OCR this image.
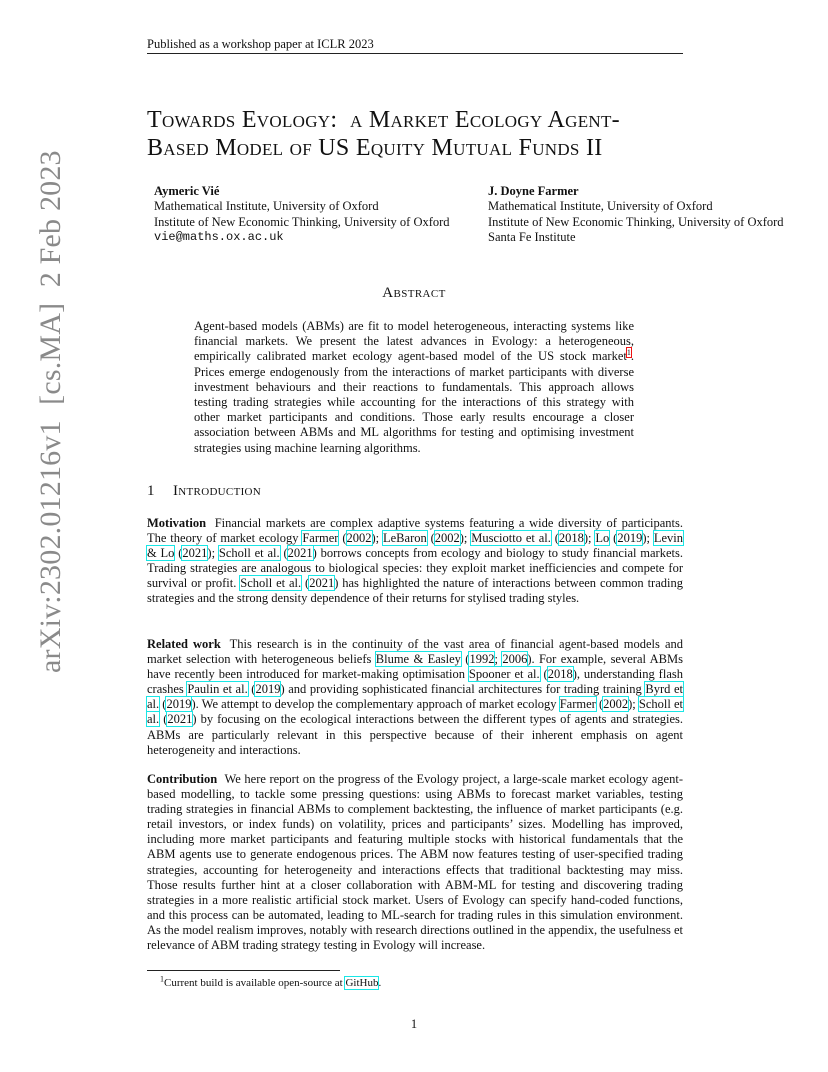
Published as a workshop paper at ICLR 2023
arXiv:2302.01216v1  [cs.MA]  2 Feb 2023
Towards Evology:  a Market Ecology Agent-
Based Model of US Equity Mutual Funds II
Aymeric Vié
Mathematical Institute, University of Oxford
Institute of New Economic Thinking, University of Oxford
vie@maths.ox.ac.uk
J. Doyne Farmer
Mathematical Institute, University of Oxford
Institute of New Economic Thinking, University of Oxford
Santa Fe Institute
Abstract
Agent-based models (ABMs) are fit to model heterogeneous, interacting systems like financial markets. We present the latest advances in Evology: a heterogeneous, empirically calibrated market ecology agent-based model of the US stock market$^1$. Prices emerge endogenously from the interactions of market participants with diverse investment behaviours and their reactions to fundamentals. This approach allows testing trading strategies while accounting for the interactions of this strategy with other market participants and conditions. Those early results encourage a closer association between ABMs and ML algorithms for testing and optimising investment strategies using machine learning algorithms.
1 Introduction
Motivation Financial markets are complex adaptive systems featuring a wide diversity of participants. The theory of market ecology Farmer (2002); LeBaron (2002); Musciotto et al. (2018); Lo (2019); Levin & Lo (2021); Scholl et al. (2021) borrows concepts from ecology and biology to study financial markets. Trading strategies are analogous to biological species: they exploit market inefficiencies and compete for survival or profit. Scholl et al. (2021) has highlighted the nature of interactions between common trading strategies and the strong density dependence of their returns for stylised trading styles.
Related work This research is in the continuity of the vast area of financial agent-based models and market selection with heterogeneous beliefs Blume & Easley (1992; 2006). For example, several ABMs have recently been introduced for market-making optimisation Spooner et al. (2018), understanding flash crashes Paulin et al. (2019) and providing sophisticated financial architectures for trading training Byrd et al. (2019). We attempt to develop the complementary approach of market ecology Farmer (2002); Scholl et al. (2021) by focusing on the ecological interactions between the different types of agents and strategies. ABMs are particularly relevant in this perspective because of their inherent emphasis on agent heterogeneity and interactions.
Contribution We here report on the progress of the Evology project, a large-scale market ecology agent-based modelling, to tackle some pressing questions: using ABMs to forecast market variables, testing trading strategies in financial ABMs to complement backtesting, the influence of market participants (e.g. retail investors, or index funds) on volatility, prices and participants’ sizes. Modelling has improved, including more market participants and featuring multiple stocks with historical fundamentals that the ABM agents use to generate endogenous prices. The ABM now features testing of user-specified trading strategies, accounting for heterogeneity and interactions effects that traditional backtesting may miss. Those results further hint at a closer collaboration with ABM-ML for testing and discovering trading strategies in a more realistic artificial stock market. Users of Evology can specify hand-coded functions, and this process can be automated, leading to ML-search for trading rules in this simulation environment. As the model realism improves, notably with research directions outlined in the appendix, the usefulness et relevance of ABM trading strategy testing in Evology will increase.
$^1$Current build is available open-source at GitHub.
1
